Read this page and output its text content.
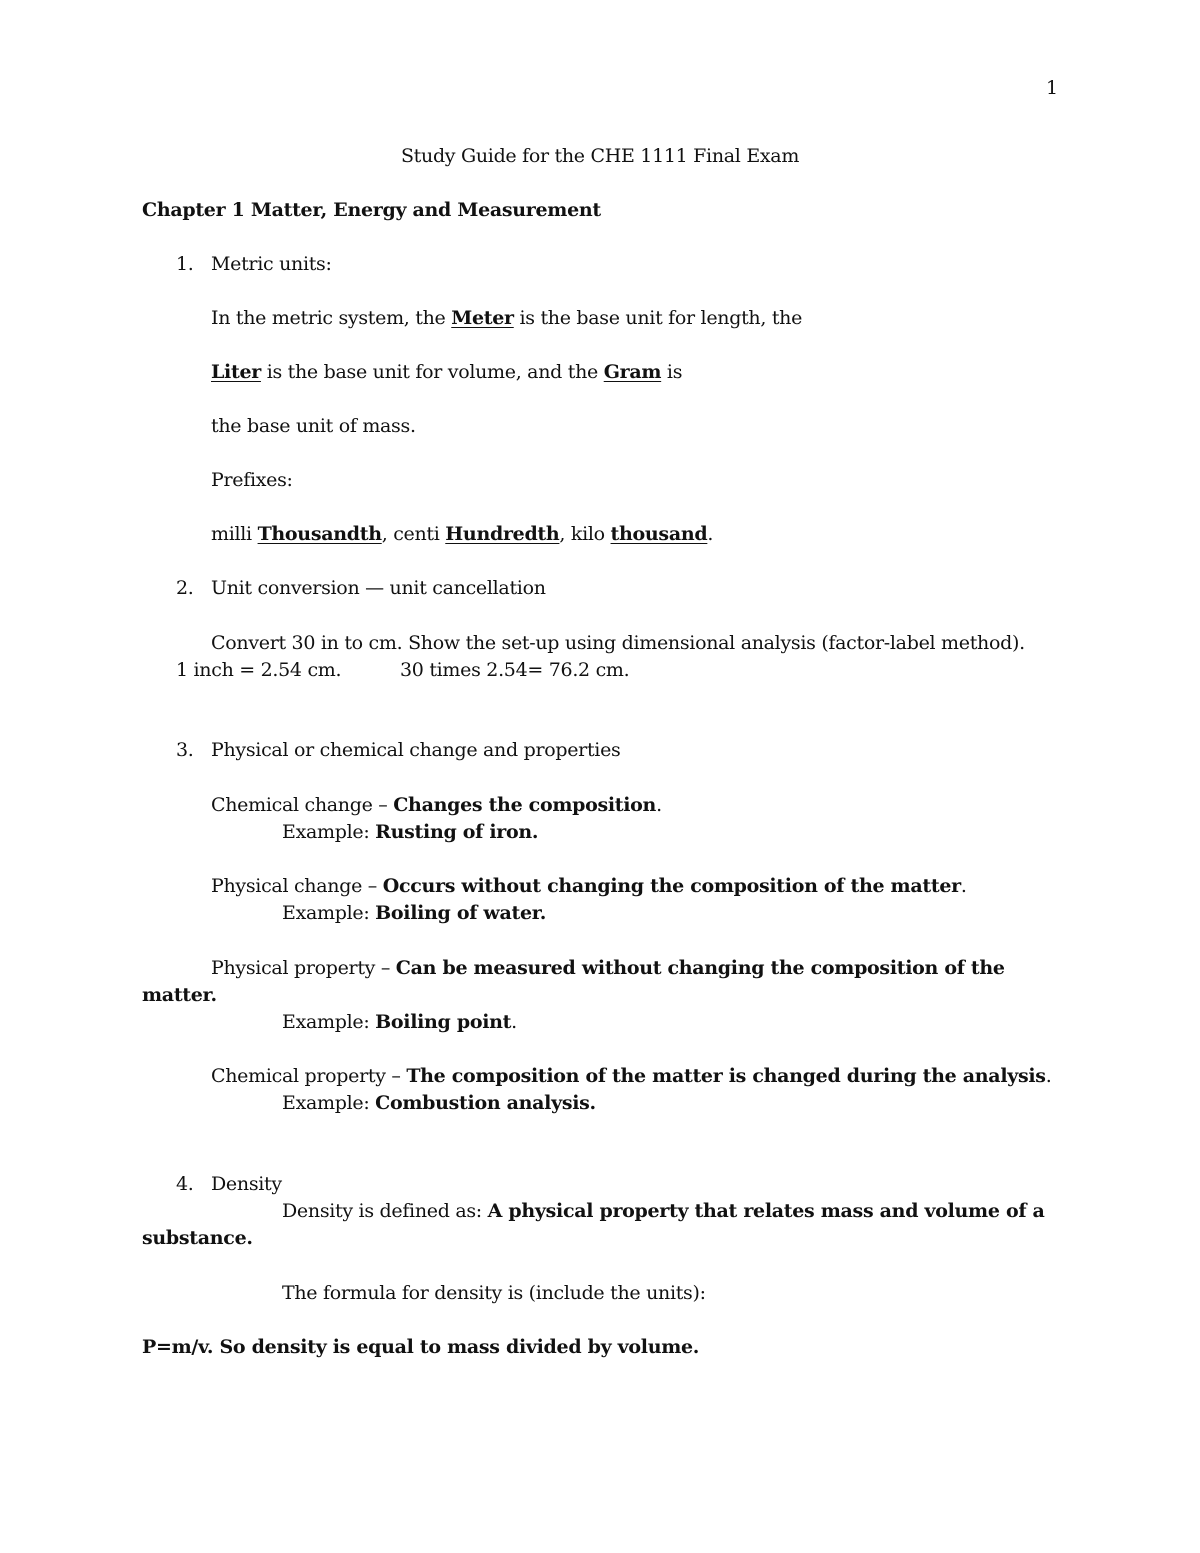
1
Study Guide for the CHE 1111 Final Exam
Chapter 1 Matter, Energy and Measurement
1. Metric units:
In the metric system, the Meter is the base unit for length, the
Liter is the base unit for volume, and the Gram is
the base unit of mass.
Prefixes:
milli Thousandth, centi Hundredth, kilo thousand.
2. Unit conversion — unit cancellation
Convert 30 in to cm. Show the set-up using dimensional analysis (factor-label method).
1 inch = 2.54 cm.	30 times 2.54= 76.2 cm.
3. Physical or chemical change and properties
Chemical change – Changes the composition.
Example: Rusting of iron.
Physical change – Occurs without changing the composition of the matter.
Example: Boiling of water.
Physical property – Can be measured without changing the composition of the
matter.
Example: Boiling point.
Chemical property – The composition of the matter is changed during the analysis.
Example: Combustion analysis.
4. Density
Density is defined as: A physical property that relates mass and volume of a
substance.
The formula for density is (include the units):
P=m/v. So density is equal to mass divided by volume.
